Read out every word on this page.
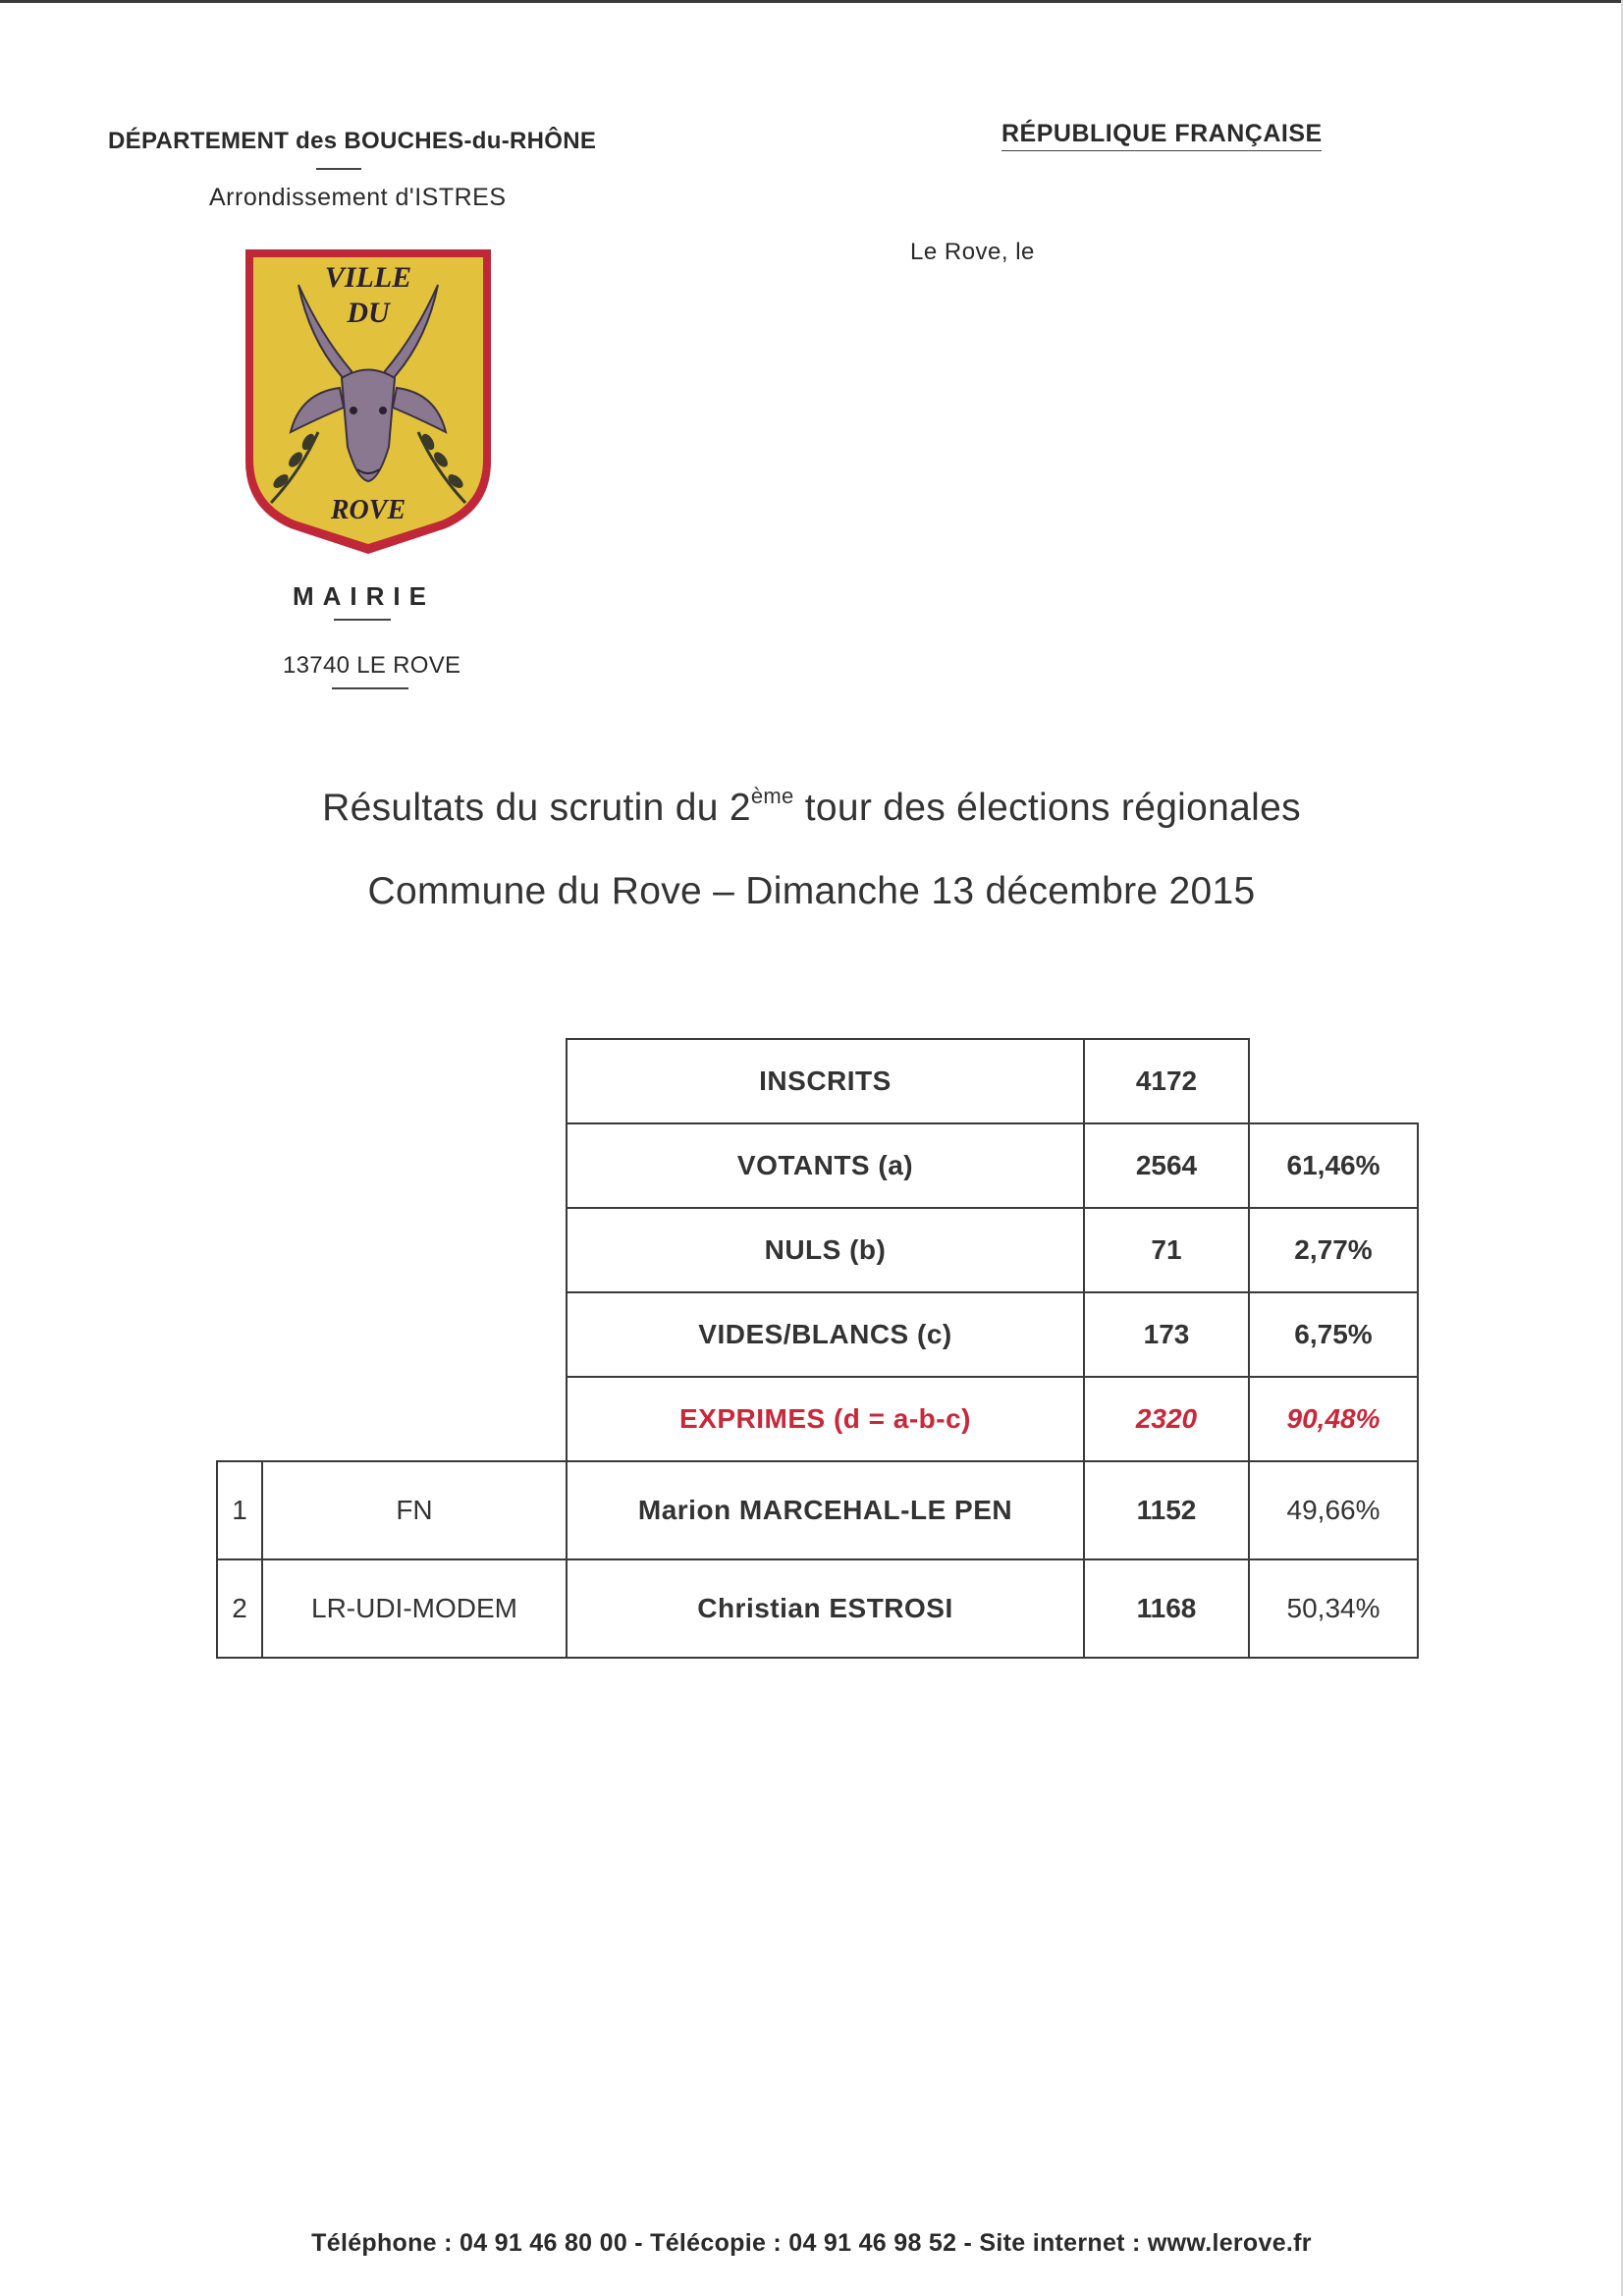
DÉPARTEMENT des BOUCHES-du-RHÔNE
Arrondissement d'ISTRES
RÉPUBLIQUE FRANÇAISE
Le Rove, le
VILLE
DU
ROVE
MAIRIE
13740 LE ROVE
Résultats du scrutin du 2ème tour des élections régionales
Commune du Rove – Dimanche 13 décembre 2015
		INSCRITS	4172	
		VOTANTS (a)	2564	61,46%
		NULS (b)	71	2,77%
		VIDES/BLANCS (c)	173	6,75%
		EXPRIMES (d = a-b-c)	2320	90,48%
1	FN	Marion MARCEHAL-LE PEN	1152	49,66%
2	LR-UDI-MODEM	Christian ESTROSI	1168	50,34%
Téléphone : 04 91 46 80 00 - Télécopie : 04 91 46 98 52 - Site internet : www.lerove.fr
